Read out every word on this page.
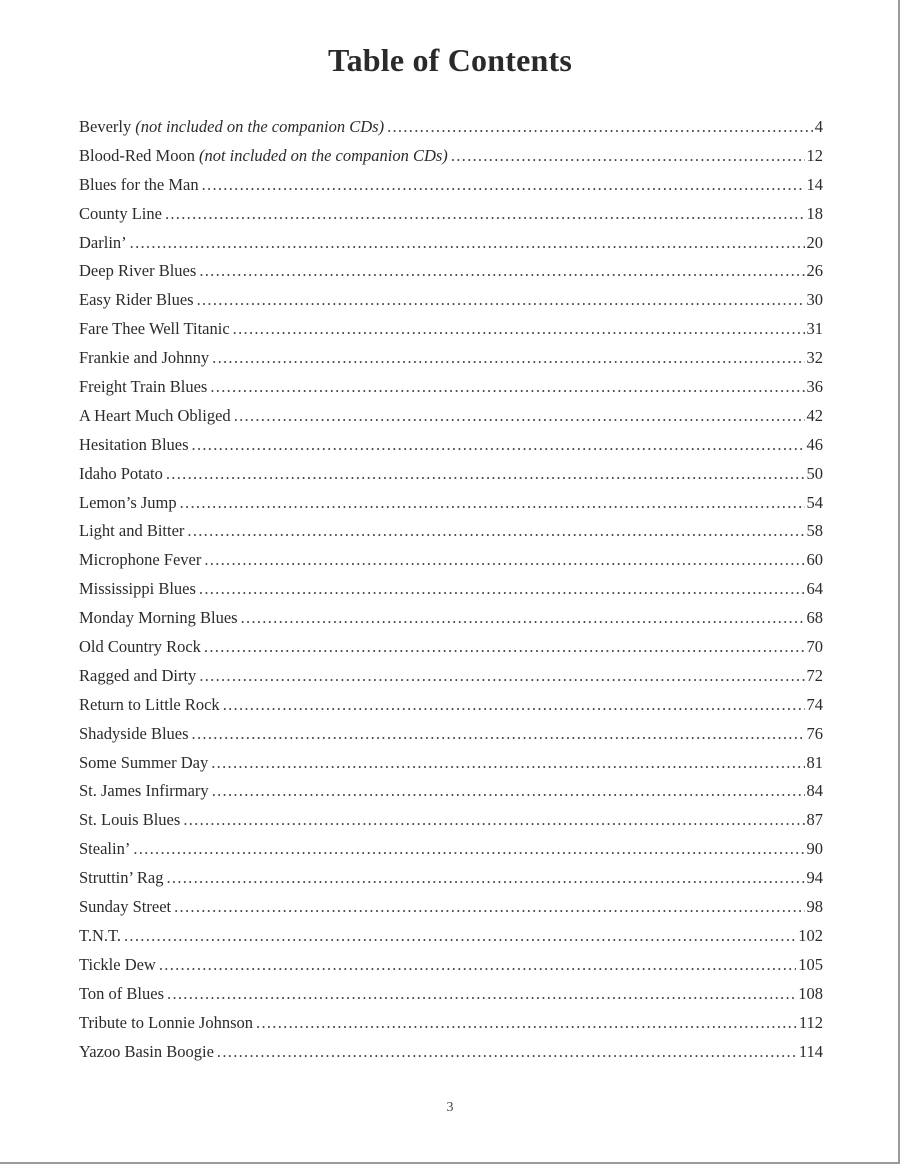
Table of Contents
Beverly (not included on the companion CDs) .....	4
Blood-Red Moon (not included on the companion CDs) .....	12
Blues for the Man .....	14
County Line .....	18
Darlin’ .....	20
Deep River Blues .....	26
Easy Rider Blues .....	30
Fare Thee Well Titanic .....	31
Frankie and Johnny .....	32
Freight Train Blues .....	36
A Heart Much Obliged .....	42
Hesitation Blues .....	46
Idaho Potato .....	50
Lemon’s Jump .....	54
Light and Bitter .....	58
Microphone Fever .....	60
Mississippi Blues .....	64
Monday Morning Blues .....	68
Old Country Rock .....	70
Ragged and Dirty .....	72
Return to Little Rock .....	74
Shadyside Blues .....	76
Some Summer Day .....	81
St. James Infirmary .....	84
St. Louis Blues .....	87
Stealin’ .....	90
Struttin’ Rag .....	94
Sunday Street .....	98
T.N.T. .....	102
Tickle Dew .....	105
Ton of Blues .....	108
Tribute to Lonnie Johnson .....	112
Yazoo Basin Boogie .....	114
3
